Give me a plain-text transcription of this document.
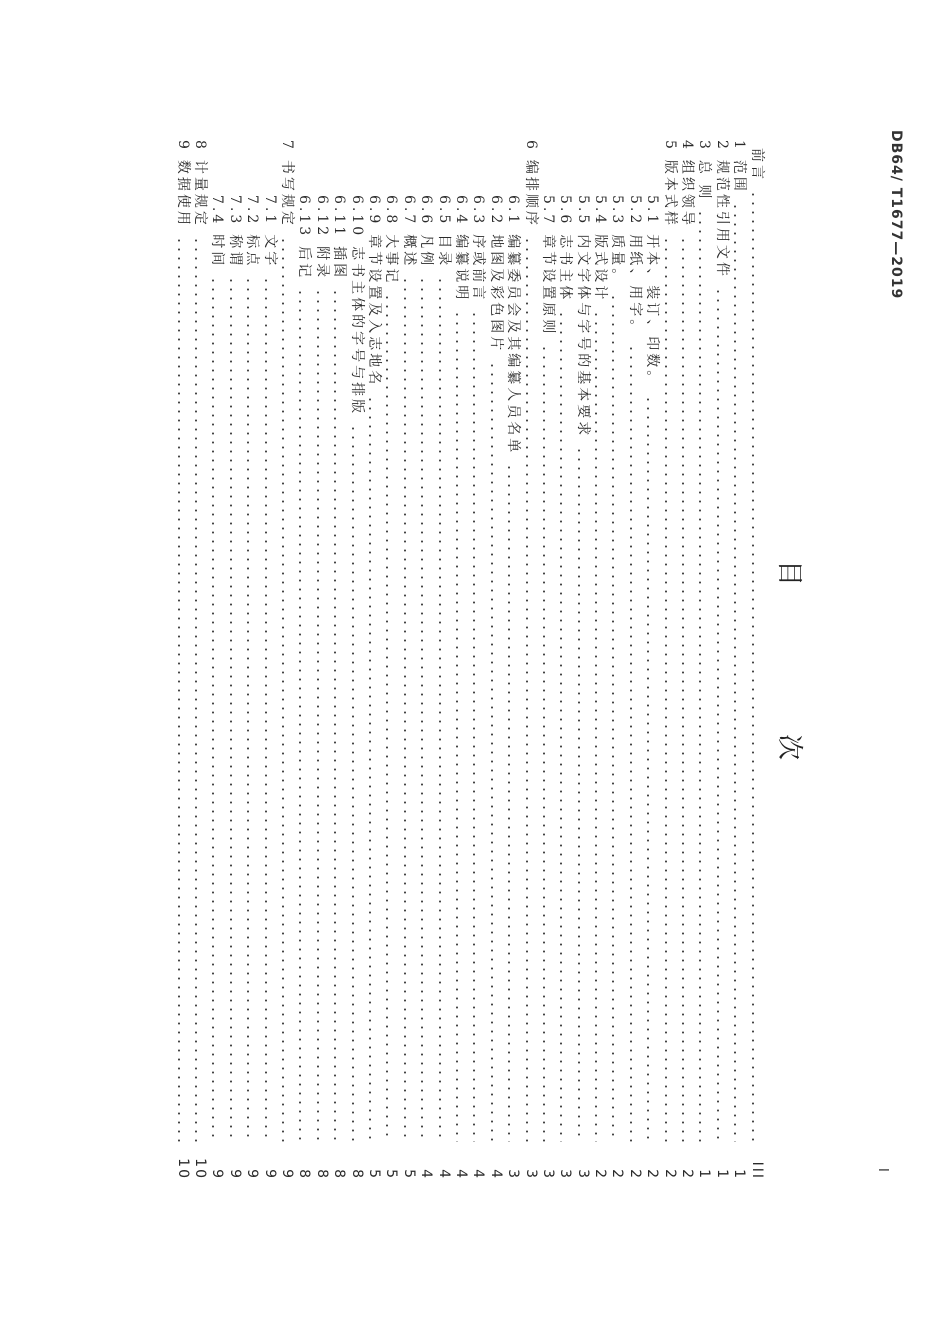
DB64/ T1677—2019
目
次
前言
III
1
范围
1
2
规范性引用文件
1
3
总 则
1
4
组织领导
2
5
版本式样
2
5.1
开本、装订、印数。
2
5.2
用纸、用字。
2
5.3
质量。
2
5.4
版式设计
2
5.5
内文字体与字号的基本要求
3
5.6
志书主体
3
5.7
章节设置原则
3
6
编排顺序
3
6.1
编纂委员会及其编纂人员名单
3
6.2
地图及彩色图片
4
6.3
序或前言
4
6.4
编纂说明
4
6.5
目录
4
6.6
凡例
4
6.7
概述
5
6.8
大事记
5
6.9
章节设置及入志地名
5
6.10
志书主体的字号与排版
8
6.11
插图
8
6.12
附录
8
6.13
后记
8
7
书写规定
9
7.1
文字
9
7.2
标点
9
7.3
称谓
9
7.4
时间
9
8
计量规定
10
9
数据使用
10	I
